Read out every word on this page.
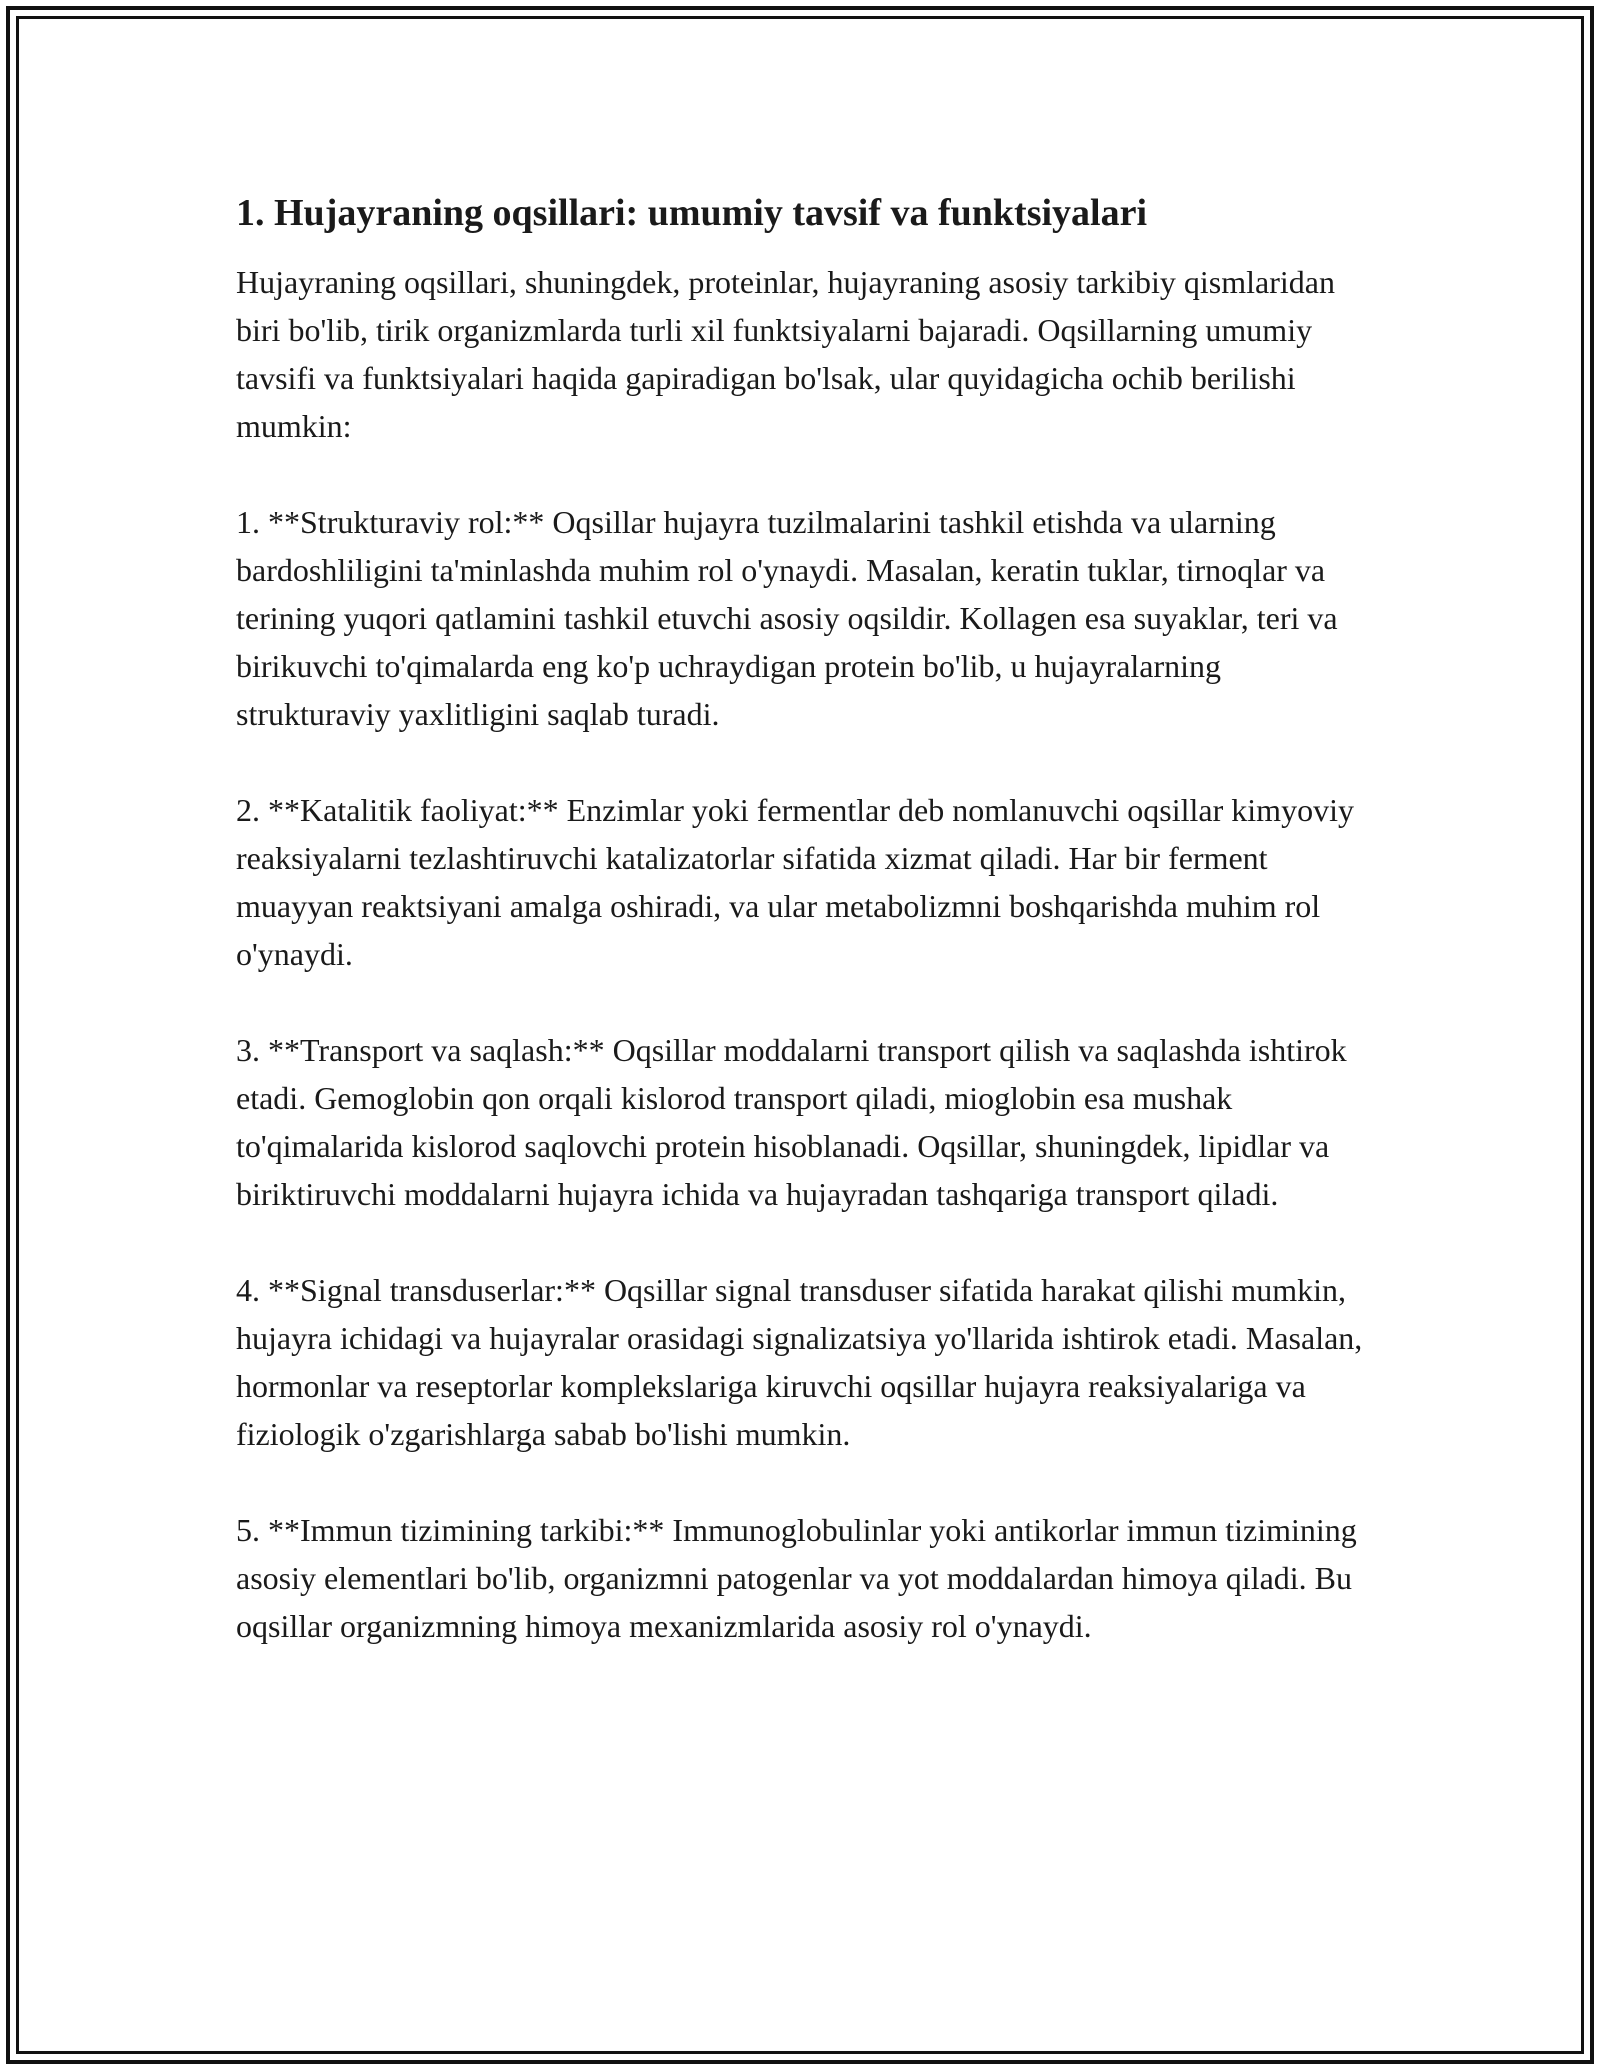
1. Hujayraning oqsillari: umumiy tavsif va funktsiyalari

Hujayraning oqsillari, shuningdek, proteinlar, hujayraning asosiy tarkibiy qismlaridan biri bo'lib, tirik organizmlarda turli xil funktsiyalarni bajaradi. Oqsillarning umumiy tavsifi va funktsiyalari haqida gapiradigan bo'lsak, ular quyidagicha ochib berilishi mumkin:

1. **Strukturaviy rol:** Oqsillar hujayra tuzilmalarini tashkil etishda va ularning bardoshliligini ta'minlashda muhim rol o'ynaydi. Masalan, keratin tuklar, tirnoqlar va terining yuqori qatlamini tashkil etuvchi asosiy oqsildir. Kollagen esa suyaklar, teri va birikuvchi to'qimalarda eng ko'p uchraydigan protein bo'lib, u hujayralarning strukturaviy yaxlitligini saqlab turadi.

2. **Katalitik faoliyat:** Enzimlar yoki fermentlar deb nomlanuvchi oqsillar kimyoviy reaksiyalarni tezlashtiruvchi katalizatorlar sifatida xizmat qiladi. Har bir ferment muayyan reaktsiyani amalga oshiradi, va ular metabolizmni boshqarishda muhim rol o'ynaydi.

3. **Transport va saqlash:** Oqsillar moddalarni transport qilish va saqlashda ishtirok etadi. Gemoglobin qon orqali kislorod transport qiladi, mioglobin esa mushak to'qimalarida kislorod saqlovchi protein hisoblanadi. Oqsillar, shuningdek, lipidlar va biriktiruvchi moddalarni hujayra ichida va hujayradan tashqariga transport qiladi.

4. **Signal transduserlar:** Oqsillar signal transduser sifatida harakat qilishi mumkin, hujayra ichidagi va hujayralar orasidagi signalizatsiya yo'llarida ishtirok etadi. Masalan, hormonlar va reseptorlar komplekslariga kiruvchi oqsillar hujayra reaksiyalariga va fiziologik o'zgarishlarga sabab bo'lishi mumkin.

5. **Immun tizimining tarkibi:** Immunoglobulinlar yoki antikorlar immun tizimining asosiy elementlari bo'lib, organizmni patogenlar va yot moddalardan himoya qiladi. Bu oqsillar organizmning himoya mexanizmlarida asosiy rol o'ynaydi.
